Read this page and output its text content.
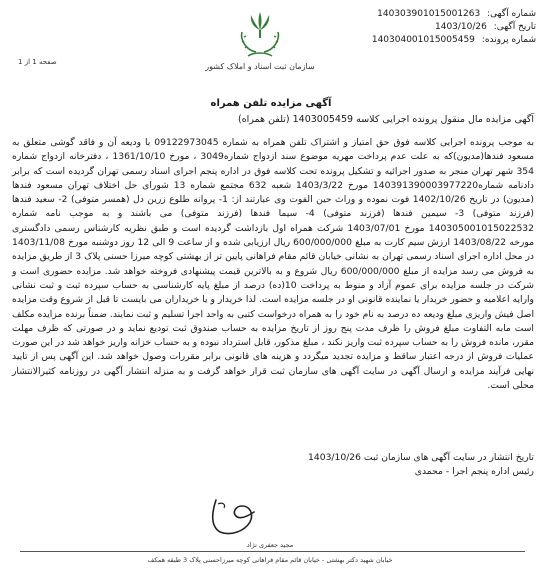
شماره آگهی: 140303901015001263
تاریخ آگهی: 1403/10/26
شماره پرونده: 140304001015005459
سازمان ثبت اسناد و املاک کشور
صفحه 1 از 1
آگهی مزایده تلفن همراه
آگهی مزایده مال منقول پرونده اجرایی کلاسه 1403005459 (تلفن همراه)

به موجب پرونده اجرایی کلاسه فوق حق امتیاز و اشتراک تلفن همراه به شماره 09122973045 با ودیعه آن و فاقد گوشی متعلق به مسعود فندها(مدیون)که به علت عدم پرداخت مهریه موضوع سند ازدواج شماره3049 ، مورخ 1361/10/10 ، دفترخانه ازدواج شماره 354 شهر تهران منجر به صدور اجرائیه و تشکیل پرونده تحت کلاسه فوق در اداره پنجم اجرای اسناد رسمی تهران گردیده است که برابر دادنامه شماره140391390003977220 مورخ 1403/3/22 شعبه 632 مجتمع شماره 13 شورای حل اختلاف تهران مسعود فندها (مدیون) در تاریخ 1402/10/26 فوت نموده و وراث حین الفوت وی عبارتند از: 1- پروانه طلوع زرین دل (همسر متوفی) 2- سعید فندها (فرزند متوفی) 3- سیمین فندها (فرزند متوفی) 4- سیما فندها (فرزند متوفی) می باشند و به موجب نامه شماره 140305001015022532 مورخ 1403/07/01 شرکت همراه اول بازداشت گردیده است و طبق نظریه کارشناس رسمی دادگستری مورخه 1403/08/22 ارزش سیم کارت به مبلغ 600/000/000 ریال ارزیابی شده و از ساعت 9 الی 12 روز دوشنبه مورخ 1403/11/08 در محل اداره اجرای اسناد رسمی تهران به نشانی خیابان قائم مقام فراهانی پایین تر از بهشتی کوچه میرزا حسنی پلاک 3 از طریق مزایده به فروش می رسد مزایده از مبلغ 600/000/000 ریال شروع و به بالاترین قیمت پیشنهادی فروخته خواهد شد. مزایده حضوری است و شرکت در جلسه مزایده برای عموم آزاد و منوط به پرداخت 10(ده) درصد از مبلغ پایه کارشناسی به حساب سپرده ثبت و ثبت نشانی وارایه اعلامیه و حضور خریدار یا نماینده قانونی او در جلسه مزایده است. لذا خریدار و یا خریداران می بایست تا قبل از شروع وقت مزایده اصل فیش واریزی مبلغ ودیعه ده درصد به نام خود را به همراه درخواست کتبی به واحد اجرا تسلیم و ثبت نمایند. ضمناً برنده مزایده مکلف است مابه التفاوت مبلغ فروش را ظرف مدت پنج روز از تاریخ مزایده به حساب صندوق ثبت تودیع نماید و در صورتی که ظرف مهلت مقرر، مانده فروش را به حساب سپرده ثبت واریز نکند ، مبلغ مذکور، قابل استرداد نبوده و به حساب خزانه واریز خواهد شد در این صورت عملیات فروش از درجه اعتبار ساقط و مزایده تجدید میگردد و هزینه های قانونی برابر مقررات وصول خواهد شد. این آگهی پس از تایید نهایی فرآیند مزایده و ارسال آگهی در سایت آگهی های سازمان ثبت قرار خواهد گرفت و به منزله انتشار آگهی در روزنامه کثیرالانتشار محلی است.

تاریخ انتشار در سایت آگهی های سازمان ثبت 1403/10/26
رئیس اداره پنجم اجرا - محمدی
مجید جعفری نژاد
خیابان شهید دکتر بهشتی - خیابان قائم مقام فراهانی کوچه میرزاحسنی پلاک 3 طبقه همکف
